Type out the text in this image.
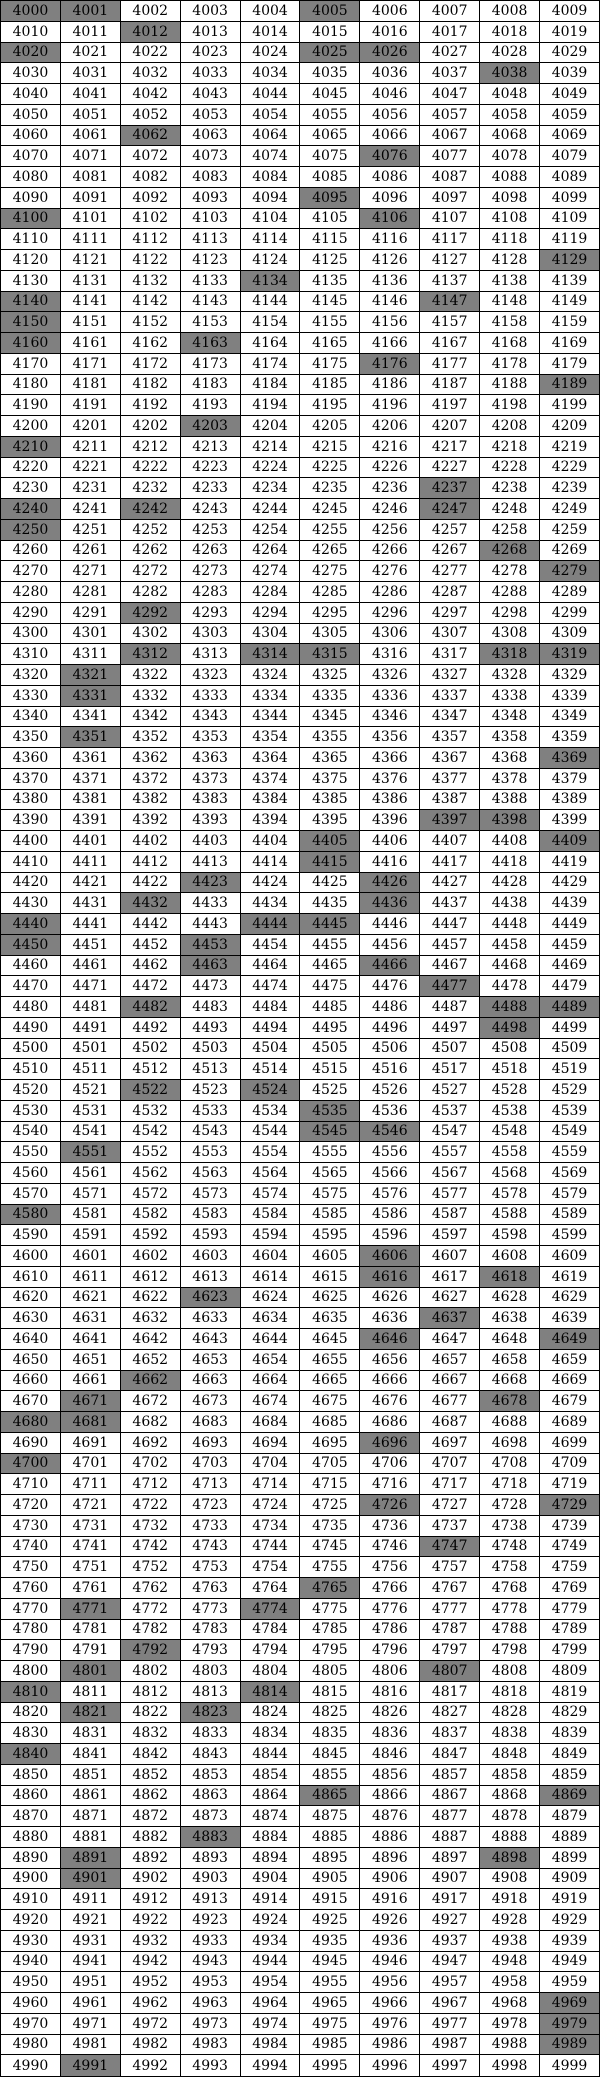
4000	4001	4002	4003	4004	4005	4006	4007	4008	4009
4010	4011	4012	4013	4014	4015	4016	4017	4018	4019
4020	4021	4022	4023	4024	4025	4026	4027	4028	4029
4030	4031	4032	4033	4034	4035	4036	4037	4038	4039
4040	4041	4042	4043	4044	4045	4046	4047	4048	4049
4050	4051	4052	4053	4054	4055	4056	4057	4058	4059
4060	4061	4062	4063	4064	4065	4066	4067	4068	4069
4070	4071	4072	4073	4074	4075	4076	4077	4078	4079
4080	4081	4082	4083	4084	4085	4086	4087	4088	4089
4090	4091	4092	4093	4094	4095	4096	4097	4098	4099
4100	4101	4102	4103	4104	4105	4106	4107	4108	4109
4110	4111	4112	4113	4114	4115	4116	4117	4118	4119
4120	4121	4122	4123	4124	4125	4126	4127	4128	4129
4130	4131	4132	4133	4134	4135	4136	4137	4138	4139
4140	4141	4142	4143	4144	4145	4146	4147	4148	4149
4150	4151	4152	4153	4154	4155	4156	4157	4158	4159
4160	4161	4162	4163	4164	4165	4166	4167	4168	4169
4170	4171	4172	4173	4174	4175	4176	4177	4178	4179
4180	4181	4182	4183	4184	4185	4186	4187	4188	4189
4190	4191	4192	4193	4194	4195	4196	4197	4198	4199
4200	4201	4202	4203	4204	4205	4206	4207	4208	4209
4210	4211	4212	4213	4214	4215	4216	4217	4218	4219
4220	4221	4222	4223	4224	4225	4226	4227	4228	4229
4230	4231	4232	4233	4234	4235	4236	4237	4238	4239
4240	4241	4242	4243	4244	4245	4246	4247	4248	4249
4250	4251	4252	4253	4254	4255	4256	4257	4258	4259
4260	4261	4262	4263	4264	4265	4266	4267	4268	4269
4270	4271	4272	4273	4274	4275	4276	4277	4278	4279
4280	4281	4282	4283	4284	4285	4286	4287	4288	4289
4290	4291	4292	4293	4294	4295	4296	4297	4298	4299
4300	4301	4302	4303	4304	4305	4306	4307	4308	4309
4310	4311	4312	4313	4314	4315	4316	4317	4318	4319
4320	4321	4322	4323	4324	4325	4326	4327	4328	4329
4330	4331	4332	4333	4334	4335	4336	4337	4338	4339
4340	4341	4342	4343	4344	4345	4346	4347	4348	4349
4350	4351	4352	4353	4354	4355	4356	4357	4358	4359
4360	4361	4362	4363	4364	4365	4366	4367	4368	4369
4370	4371	4372	4373	4374	4375	4376	4377	4378	4379
4380	4381	4382	4383	4384	4385	4386	4387	4388	4389
4390	4391	4392	4393	4394	4395	4396	4397	4398	4399
4400	4401	4402	4403	4404	4405	4406	4407	4408	4409
4410	4411	4412	4413	4414	4415	4416	4417	4418	4419
4420	4421	4422	4423	4424	4425	4426	4427	4428	4429
4430	4431	4432	4433	4434	4435	4436	4437	4438	4439
4440	4441	4442	4443	4444	4445	4446	4447	4448	4449
4450	4451	4452	4453	4454	4455	4456	4457	4458	4459
4460	4461	4462	4463	4464	4465	4466	4467	4468	4469
4470	4471	4472	4473	4474	4475	4476	4477	4478	4479
4480	4481	4482	4483	4484	4485	4486	4487	4488	4489
4490	4491	4492	4493	4494	4495	4496	4497	4498	4499
4500	4501	4502	4503	4504	4505	4506	4507	4508	4509
4510	4511	4512	4513	4514	4515	4516	4517	4518	4519
4520	4521	4522	4523	4524	4525	4526	4527	4528	4529
4530	4531	4532	4533	4534	4535	4536	4537	4538	4539
4540	4541	4542	4543	4544	4545	4546	4547	4548	4549
4550	4551	4552	4553	4554	4555	4556	4557	4558	4559
4560	4561	4562	4563	4564	4565	4566	4567	4568	4569
4570	4571	4572	4573	4574	4575	4576	4577	4578	4579
4580	4581	4582	4583	4584	4585	4586	4587	4588	4589
4590	4591	4592	4593	4594	4595	4596	4597	4598	4599
4600	4601	4602	4603	4604	4605	4606	4607	4608	4609
4610	4611	4612	4613	4614	4615	4616	4617	4618	4619
4620	4621	4622	4623	4624	4625	4626	4627	4628	4629
4630	4631	4632	4633	4634	4635	4636	4637	4638	4639
4640	4641	4642	4643	4644	4645	4646	4647	4648	4649
4650	4651	4652	4653	4654	4655	4656	4657	4658	4659
4660	4661	4662	4663	4664	4665	4666	4667	4668	4669
4670	4671	4672	4673	4674	4675	4676	4677	4678	4679
4680	4681	4682	4683	4684	4685	4686	4687	4688	4689
4690	4691	4692	4693	4694	4695	4696	4697	4698	4699
4700	4701	4702	4703	4704	4705	4706	4707	4708	4709
4710	4711	4712	4713	4714	4715	4716	4717	4718	4719
4720	4721	4722	4723	4724	4725	4726	4727	4728	4729
4730	4731	4732	4733	4734	4735	4736	4737	4738	4739
4740	4741	4742	4743	4744	4745	4746	4747	4748	4749
4750	4751	4752	4753	4754	4755	4756	4757	4758	4759
4760	4761	4762	4763	4764	4765	4766	4767	4768	4769
4770	4771	4772	4773	4774	4775	4776	4777	4778	4779
4780	4781	4782	4783	4784	4785	4786	4787	4788	4789
4790	4791	4792	4793	4794	4795	4796	4797	4798	4799
4800	4801	4802	4803	4804	4805	4806	4807	4808	4809
4810	4811	4812	4813	4814	4815	4816	4817	4818	4819
4820	4821	4822	4823	4824	4825	4826	4827	4828	4829
4830	4831	4832	4833	4834	4835	4836	4837	4838	4839
4840	4841	4842	4843	4844	4845	4846	4847	4848	4849
4850	4851	4852	4853	4854	4855	4856	4857	4858	4859
4860	4861	4862	4863	4864	4865	4866	4867	4868	4869
4870	4871	4872	4873	4874	4875	4876	4877	4878	4879
4880	4881	4882	4883	4884	4885	4886	4887	4888	4889
4890	4891	4892	4893	4894	4895	4896	4897	4898	4899
4900	4901	4902	4903	4904	4905	4906	4907	4908	4909
4910	4911	4912	4913	4914	4915	4916	4917	4918	4919
4920	4921	4922	4923	4924	4925	4926	4927	4928	4929
4930	4931	4932	4933	4934	4935	4936	4937	4938	4939
4940	4941	4942	4943	4944	4945	4946	4947	4948	4949
4950	4951	4952	4953	4954	4955	4956	4957	4958	4959
4960	4961	4962	4963	4964	4965	4966	4967	4968	4969
4970	4971	4972	4973	4974	4975	4976	4977	4978	4979
4980	4981	4982	4983	4984	4985	4986	4987	4988	4989
4990	4991	4992	4993	4994	4995	4996	4997	4998	4999
